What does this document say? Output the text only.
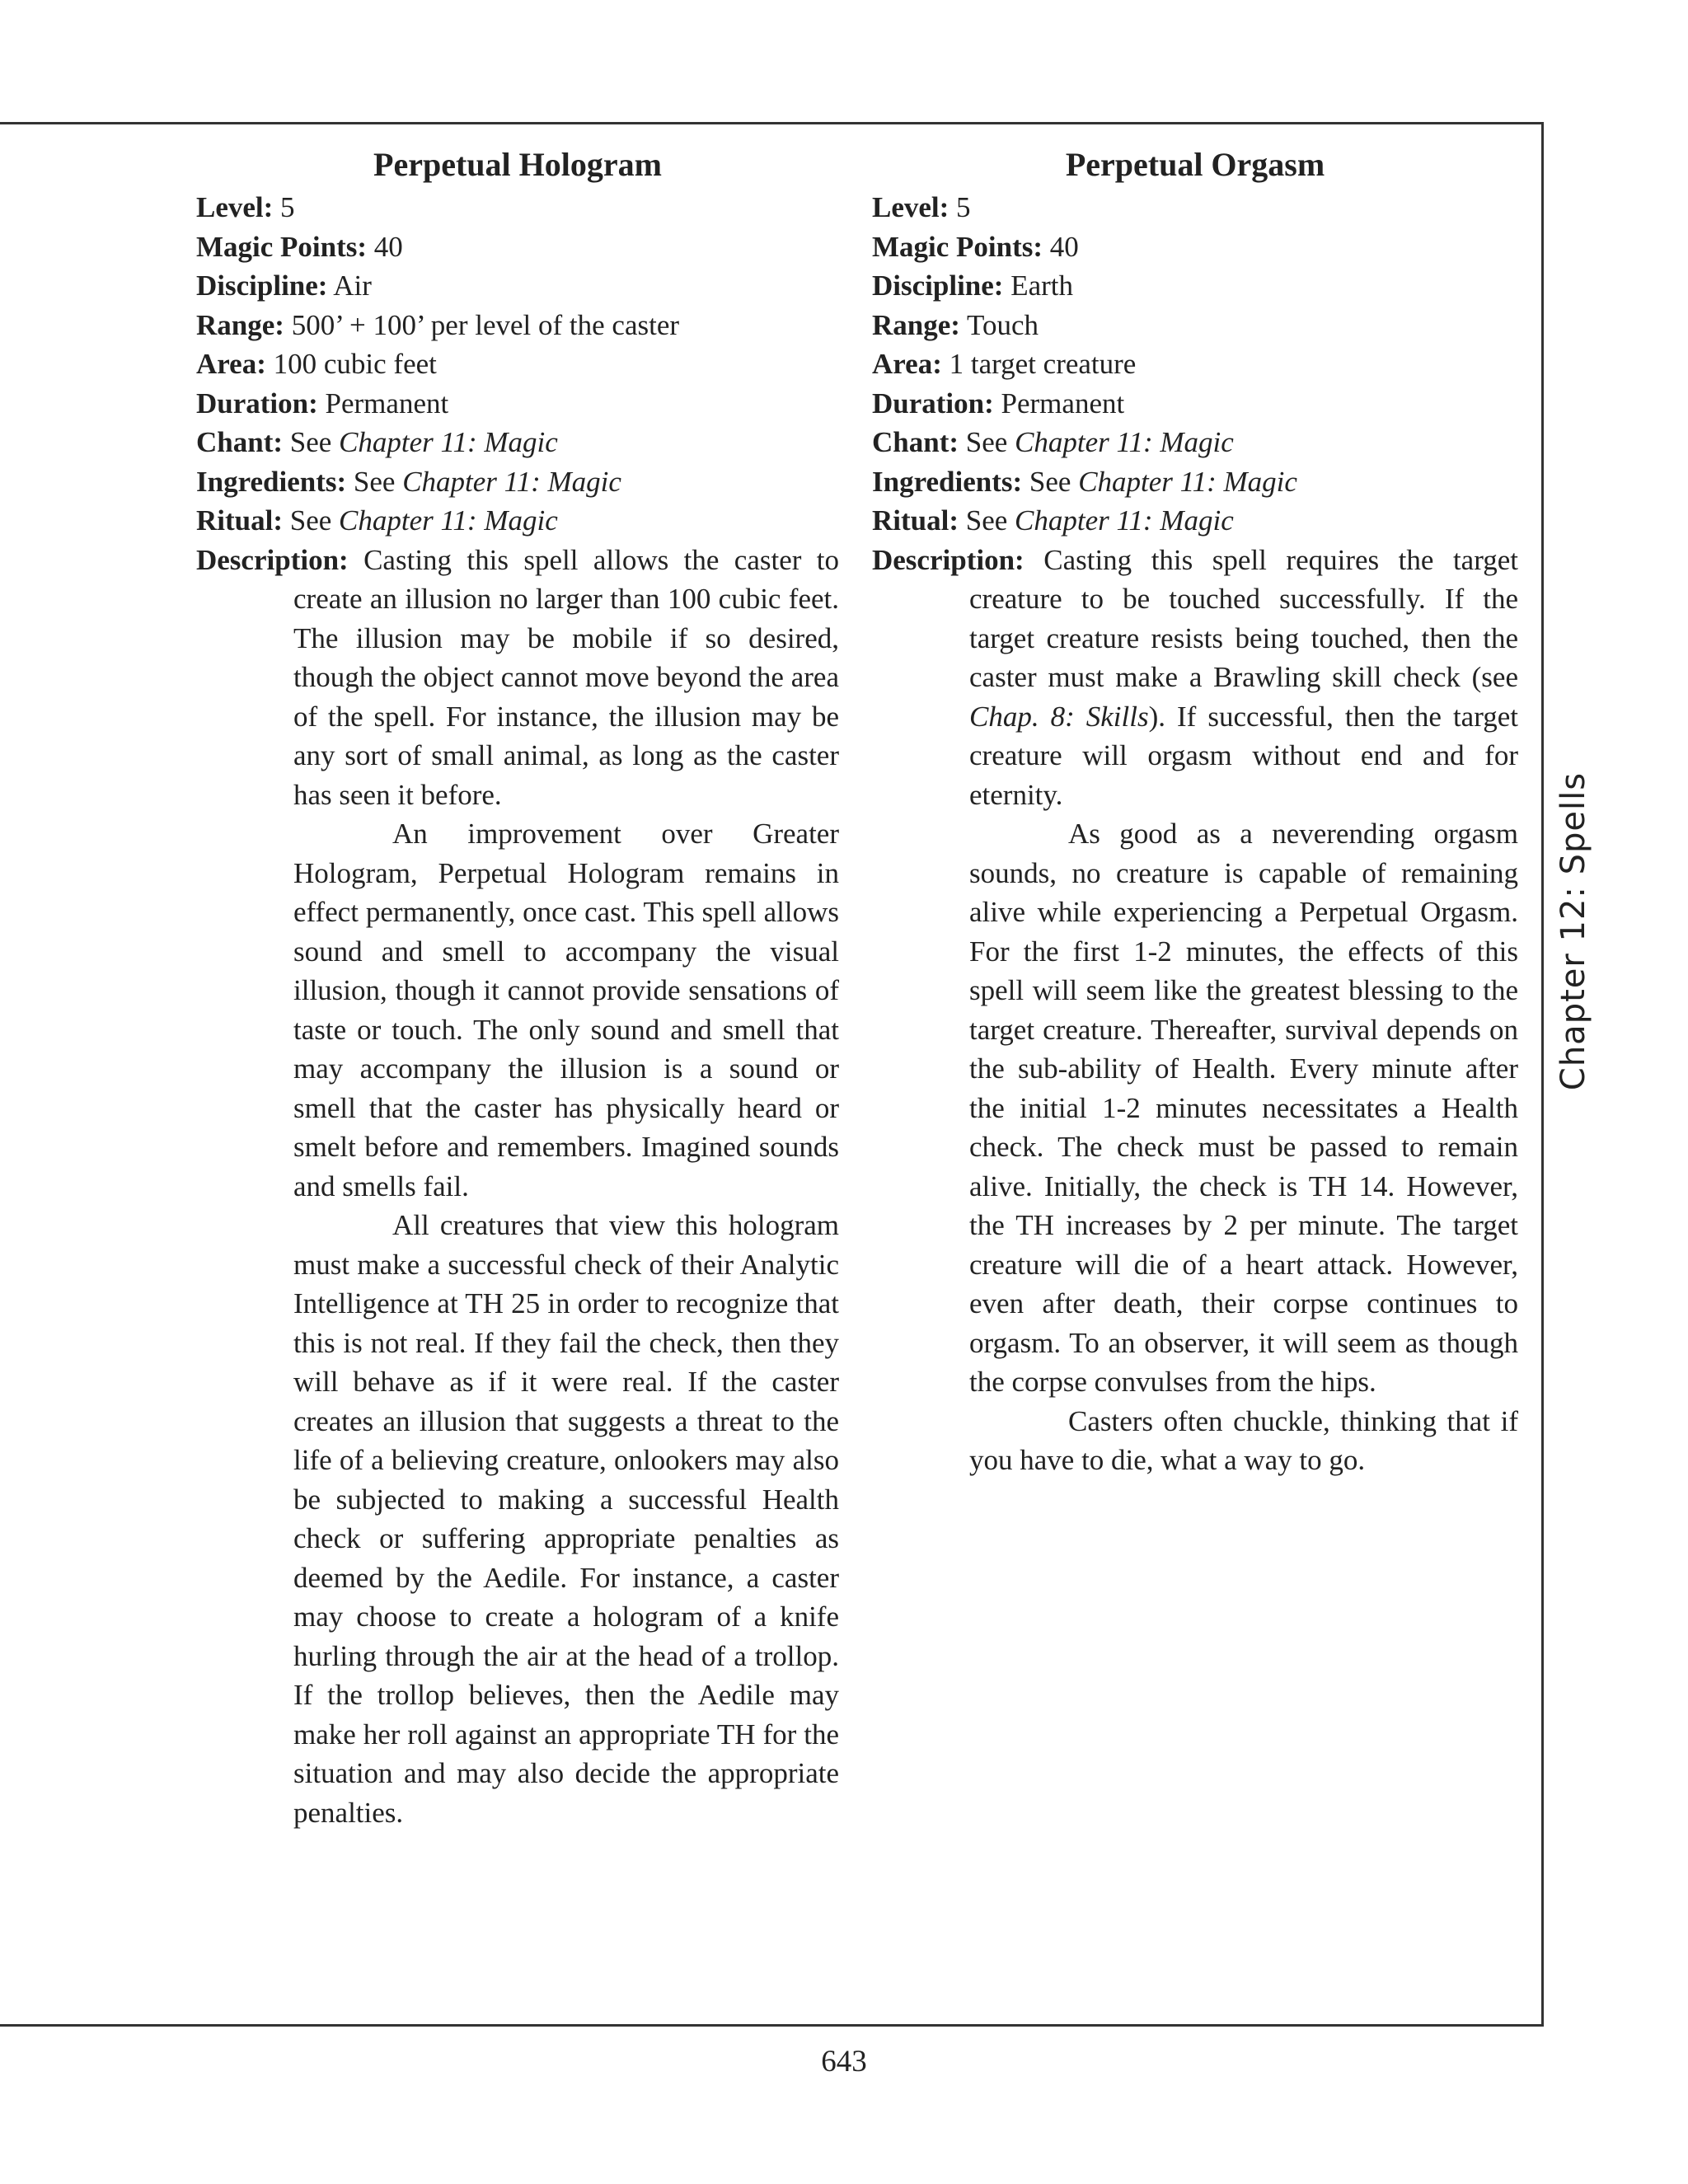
Perpetual Hologram

Level: 5

Magic Points: 40

Discipline: Air

Range: 500’ + 100’ per level of the caster

Area: 100 cubic feet

Duration: Permanent

Chant: See Chapter 11: Magic

Ingredients: See Chapter 11: Magic

Ritual: See Chapter 11: Magic

Description: Casting this spell allows the caster to create an illusion no larger than 100 cubic feet. The illusion may be mobile if so desired, though the object cannot move beyond the area of the spell. For instance, the illusion may be any sort of small animal, as long as the caster has seen it before.

An improvement over Greater Hologram, Perpetual Hologram remains in effect permanently, once cast. This spell allows sound and smell to accompany the visual illusion, though it cannot provide sensations of taste or touch. The only sound and smell that may accompany the illusion is a sound or smell that the caster has physically heard or smelt before and remembers. Imagined sounds and smells fail.

All creatures that view this hologram must make a successful check of their Analytic Intelligence at TH 25 in order to recognize that this is not real. If they fail the check, then they will behave as if it were real. If the caster creates an illusion that suggests a threat to the life of a believing creature, onlookers may also be subjected to making a successful Health check or suffering appropriate penalties as deemed by the Aedile. For instance, a caster may choose to create a hologram of a knife hurling through the air at the head of a trollop. If the trollop believes, then the Aedile may make her roll against an appropriate TH for the situation and may also decide the appropriate penalties.

Perpetual Orgasm

Level: 5

Magic Points: 40

Discipline: Earth

Range: Touch

Area: 1 target creature

Duration: Permanent

Chant: See Chapter 11: Magic

Ingredients: See Chapter 11: Magic

Ritual: See Chapter 11: Magic

Description: Casting this spell requires the target creature to be touched successfully. If the target creature resists being touched, then the caster must make a Brawling skill check (see Chap. 8: Skills). If successful, then the target creature will orgasm without end and for eternity.

As good as a neverending orgasm sounds, no creature is capable of remaining alive while experiencing a Perpetual Orgasm. For the first 1-2 minutes, the effects of this spell will seem like the greatest blessing to the target creature. Thereafter, survival depends on the sub-ability of Health. Every minute after the initial 1-2 minutes necessitates a Health check. The check must be passed to remain alive. Initially, the check is TH 14. However, the TH increases by 2 per minute. The target creature will die of a heart attack. However, even after death, their corpse continues to orgasm. To an observer, it will seem as though the corpse convulses from the hips.

Casters often chuckle, thinking that if you have to die, what a way to go.

Chapter 12: Spells
643
